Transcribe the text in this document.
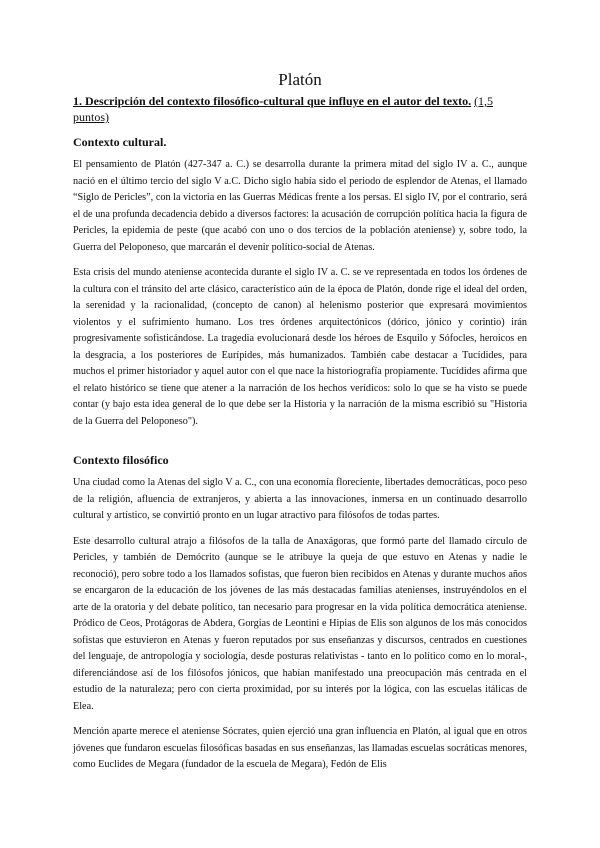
Platón

1. Descripción del contexto filosófico-cultural que influye en el autor del texto. (1,5 puntos)

Contexto cultural.

El pensamiento de Platón (427-347 a. C.) se desarrolla durante la primera mitad del siglo IV a. C., aunque nació en el último tercio del siglo V a.C. Dicho siglo había sido el periodo de esplendor de Atenas, el llamado “Siglo de Pericles”, con la victoria en las Guerras Médicas frente a los persas. El siglo IV, por el contrario, será el de una profunda decadencia debido a diversos factores: la acusación de corrupción política hacia la figura de Pericles, la epidemia de peste (que acabó con uno o dos tercios de la población ateniense) y, sobre todo, la Guerra del Peloponeso, que marcarán el devenir político-social de Atenas.

Esta crisis del mundo ateniense acontecida durante el siglo IV a. C. se ve representada en todos los órdenes de la cultura con el tránsito del arte clásico, característico aún de la época de Platón, donde rige el ideal del orden, la serenidad y la racionalidad, (concepto de canon) al helenismo posterior que expresará movimientos violentos y el sufrimiento humano. Los tres órdenes arquitectónicos (dórico, jónico y corintio) irán progresivamente sofisticándose. La tragedia evolucionará desde los héroes de Esquilo y Sófocles, heroicos en la desgracia, a los posteriores de Eurípides, más humanizados. También cabe destacar a Tucídides, para muchos el primer historiador y aquel autor con el que nace la historiografía propiamente. Tucídides afirma que el relato histórico se tiene que atener a la narración de los hechos verídicos: solo lo que se ha visto se puede contar (y bajo esta idea general de lo que debe ser la Historia y la narración de la misma escribió su "Historia de la Guerra del Peloponeso").

Contexto filosófico

Una ciudad como la Atenas del siglo V a. C., con una economía floreciente, libertades democráticas, poco peso de la religión, afluencia de extranjeros, y abierta a las innovaciones, inmersa en un continuado desarrollo cultural y artístico, se convirtió pronto en un lugar atractivo para filósofos de todas partes.

Este desarrollo cultural atrajo a filósofos de la talla de Anaxágoras, que formó parte del llamado círculo de Pericles, y también de Demócrito (aunque se le atribuye la queja de que estuvo en Atenas y nadie le reconoció), pero sobre todo a los llamados sofistas, que fueron bien recibidos en Atenas y durante muchos años se encargaron de la educación de los jóvenes de las más destacadas familias atenienses, instruyéndolos en el arte de la oratoria y del debate político, tan necesario para progresar en la vida política democrática ateniense. Pródico de Ceos, Protágoras de Abdera, Gorgias de Leontini e Hipias de Elis son algunos de los más conocidos sofistas que estuvieron en Atenas y fueron reputados por sus enseñanzas y discursos, centrados en cuestiones del lenguaje, de antropología y sociología, desde posturas relativistas - tanto en lo político como en lo moral-, diferenciándose así de los filósofos jónicos, que habían manifestado una preocupación más centrada en el estudio de la naturaleza; pero con cierta proximidad, por su interés por la lógica, con las escuelas itálicas de Elea.

Mención aparte merece el ateniense Sócrates, quien ejerció una gran influencia en Platón, al igual que en otros jóvenes que fundaron escuelas filosóficas basadas en sus enseñanzas, las llamadas escuelas socráticas menores, como Euclides de Megara (fundador de la escuela de Megara), Fedón de Elis
